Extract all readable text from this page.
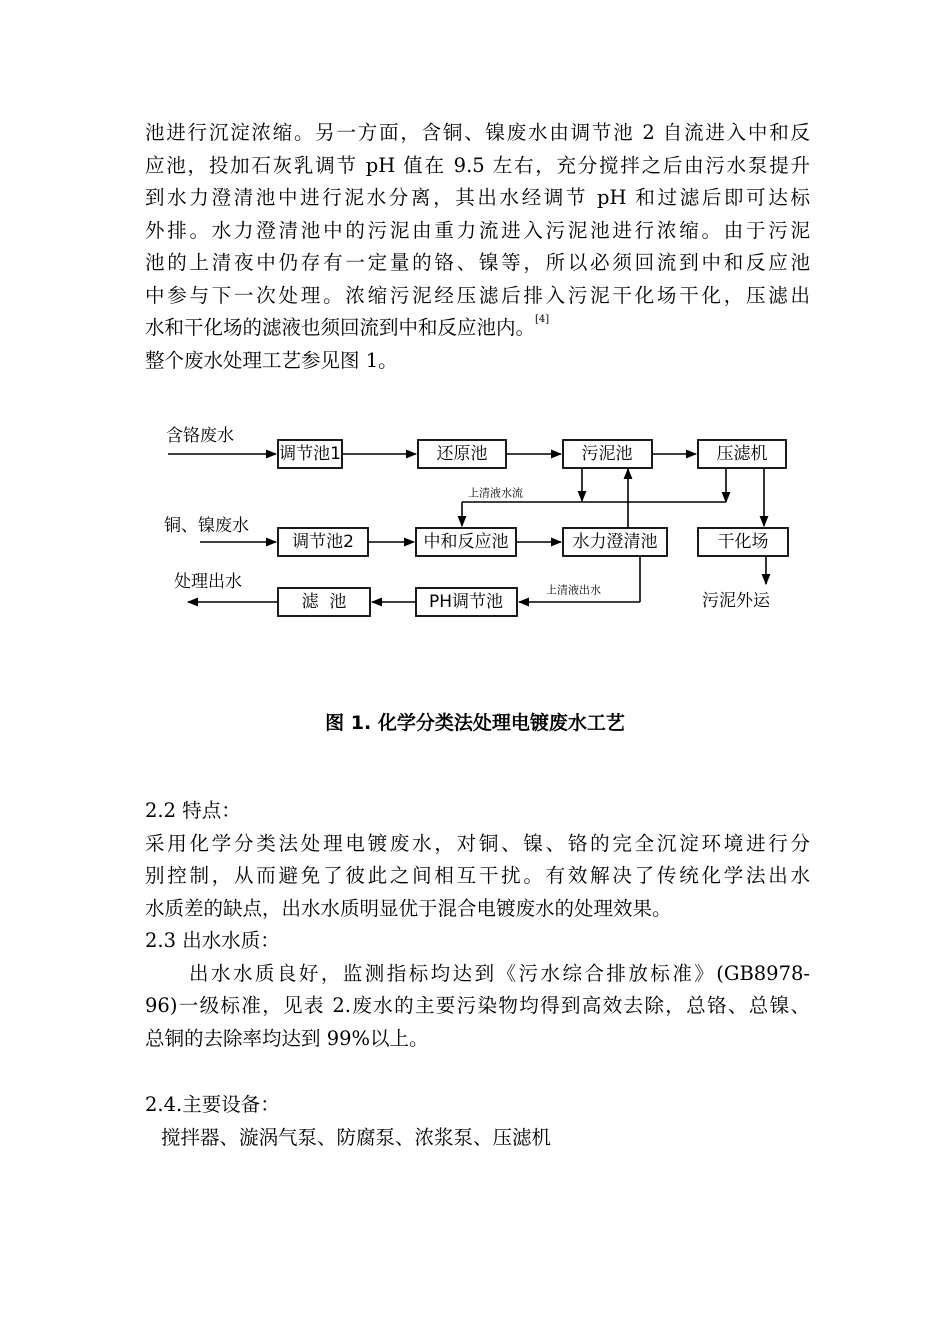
池进行沉淀浓缩。另一方面，含铜、镍废水由调节池 2 自流进入中和反
应池，投加石灰乳调节 pH 值在 9.5 左右，充分搅拌之后由污水泵提升
到水力澄清池中进行泥水分离，其出水经调节 pH 和过滤后即可达标
外排。水力澄清池中的污泥由重力流进入污泥池进行浓缩。由于污泥
池的上清夜中仍存有一定量的铬、镍等，所以必须回流到中和反应池
中参与下一次处理。浓缩污泥经压滤后排入污泥干化场干化，压滤出
水和干化场的滤液也须回流到中和反应池内。[4]
整个废水处理工艺参见图 1。
调节池1	还原池	污泥池	压滤机
调节池2	中和反应池	水力澄清池	干化场
滤  池	PH调节池
含铬废水
铜、镍废水
处理出水
污泥外运
上清液水流
上清液出水
图 1. 化学分类法处理电镀废水工艺
2.2 特点：
采用化学分类法处理电镀废水，对铜、镍、铬的完全沉淀环境进行分
别控制，从而避免了彼此之间相互干扰。有效解决了传统化学法出水
水质差的缺点，出水水质明显优于混合电镀废水的处理效果。
2.3 出水水质：
出水水质良好，监测指标均达到《污水综合排放标准》(GB8978-
96)一级标准，见表 2.废水的主要污染物均得到高效去除，总铬、总镍、
总铜的去除率均达到 99%以上。
2.4.主要设备：
搅拌器、漩涡气泵、防腐泵、浓浆泵、压滤机
